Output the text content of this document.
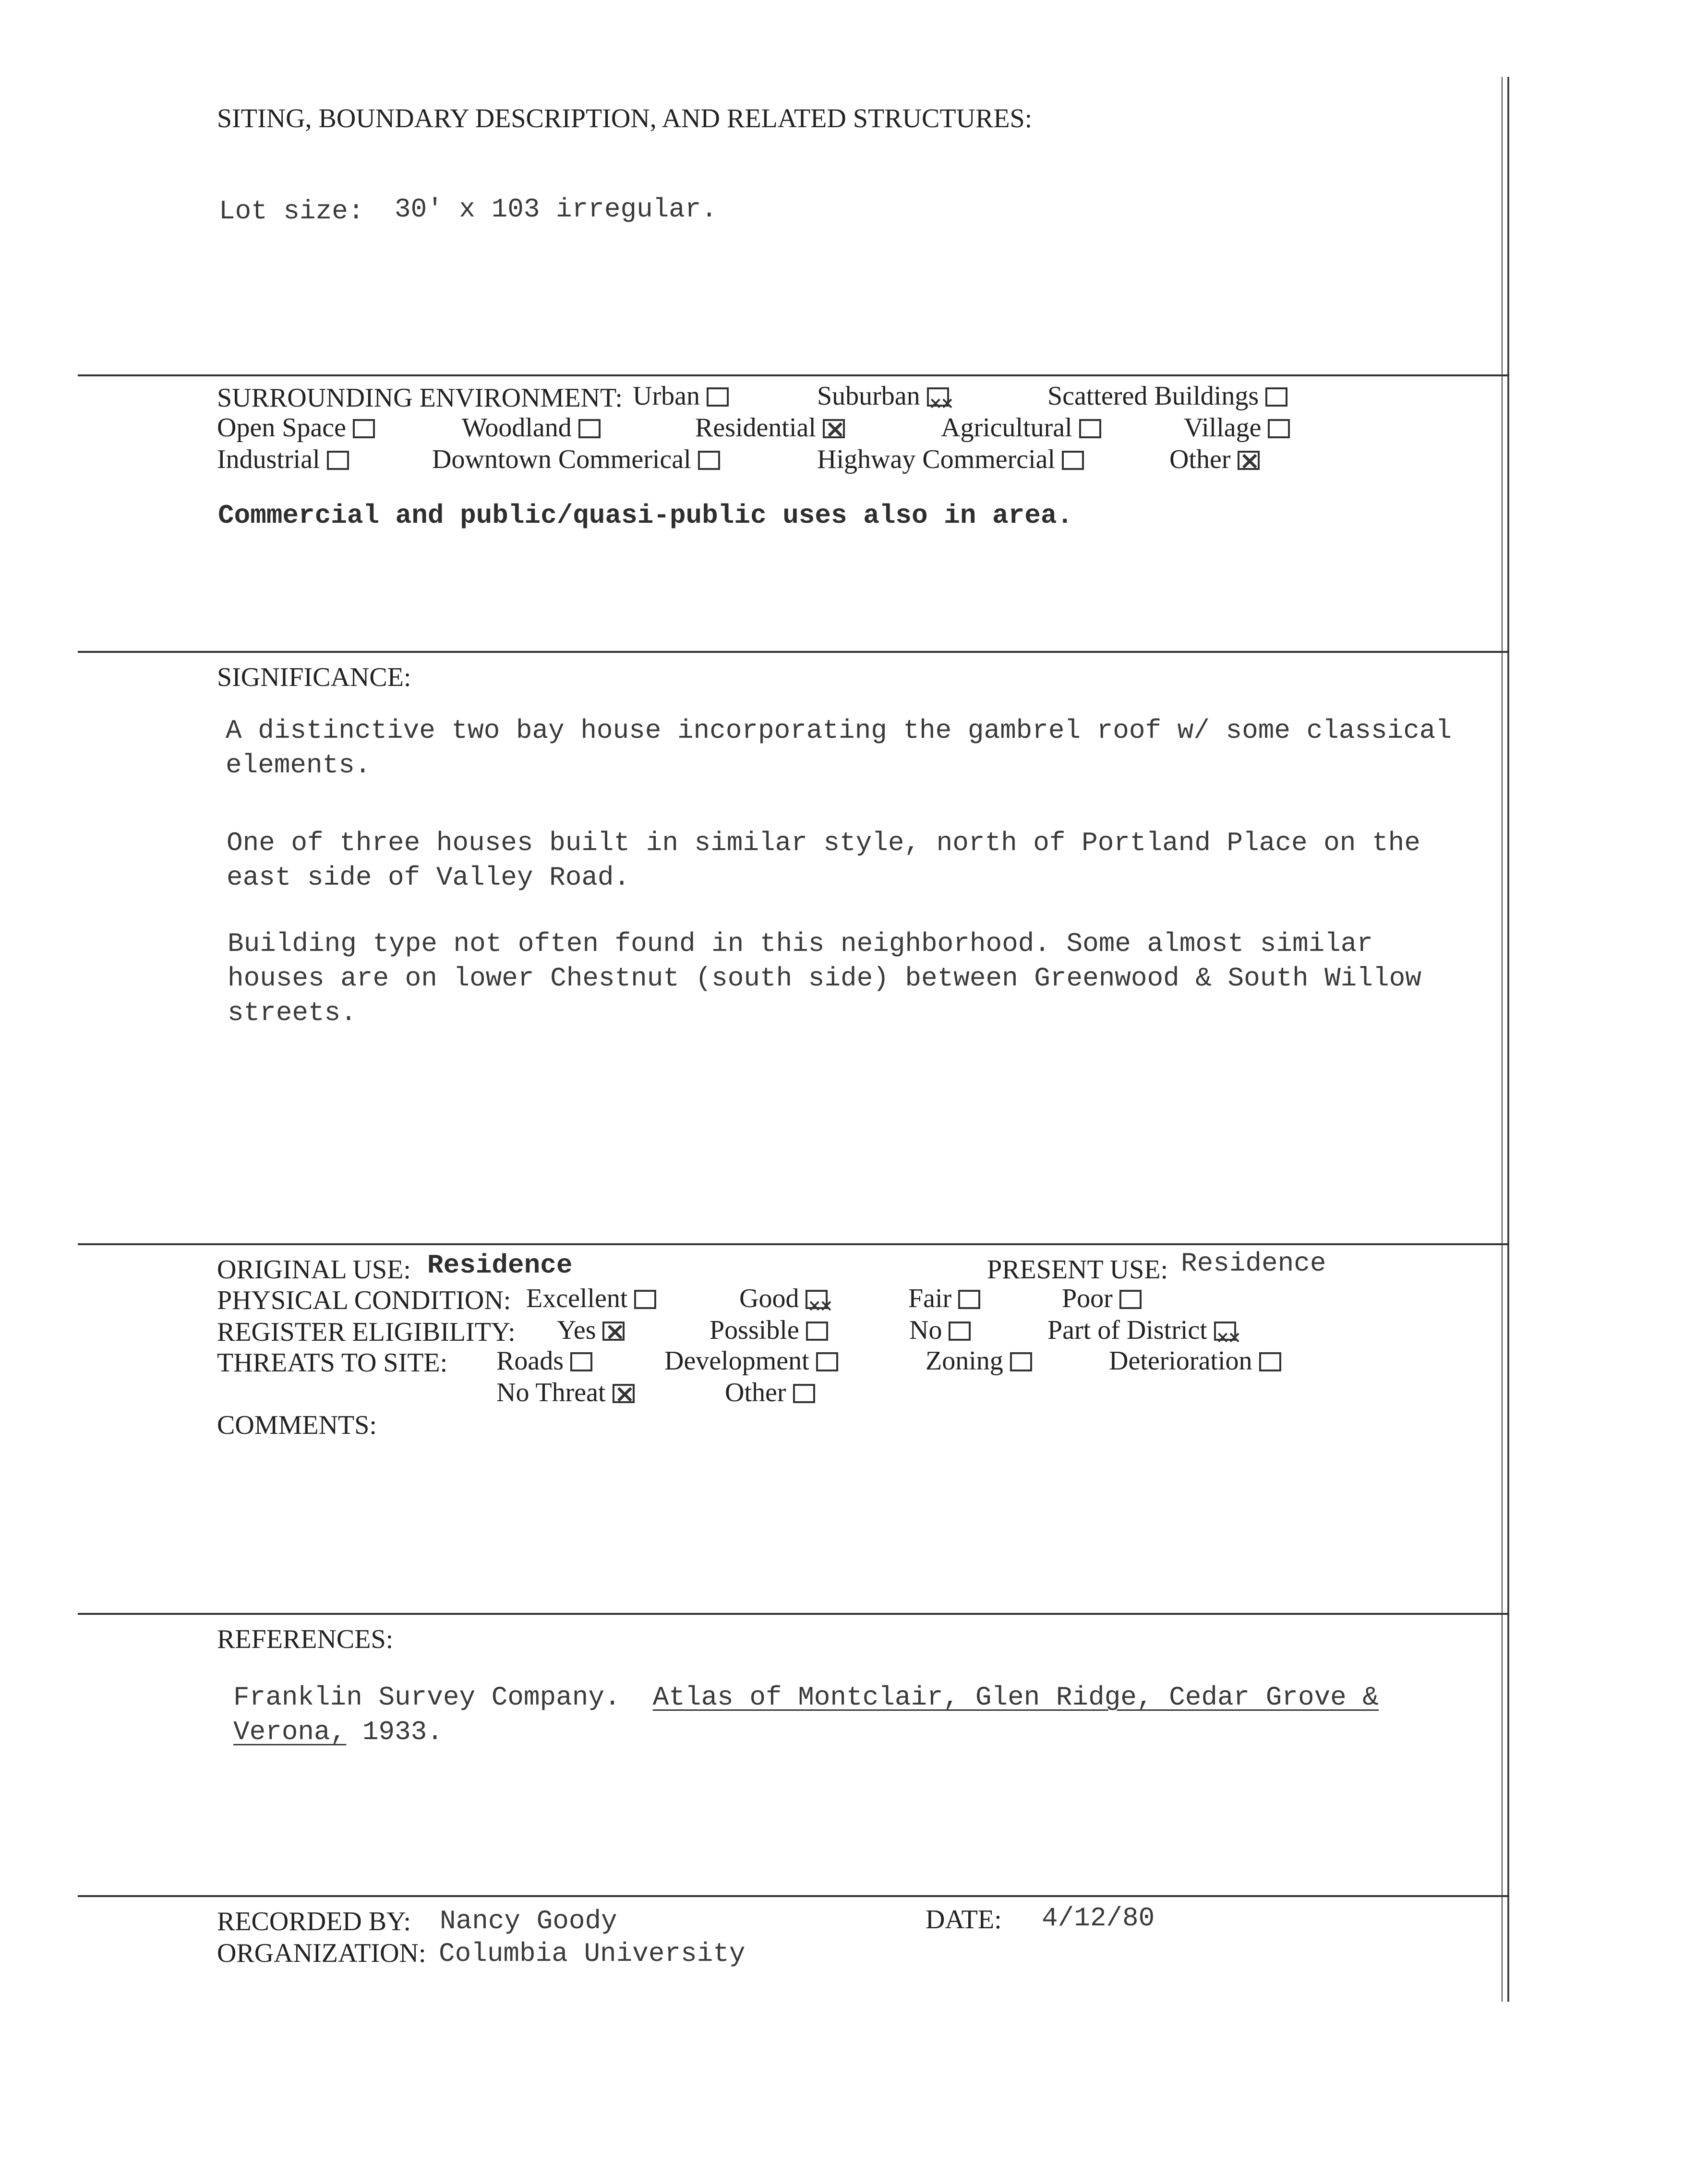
SITING, BOUNDARY DESCRIPTION, AND RELATED STRUCTURES:
Lot size: 30' x 103 irregular.
SURROUNDING ENVIRONMENT: Urban	Suburban ××	Scattered Buildings
Open Space	Woodland	Residential ×	Agricultural	Village
Industrial	Downtown Commerical	Highway Commercial	Other×
Commercial and public/quasi-public uses also in area.
SIGNIFICANCE:
A distinctive two bay house incorporating the gambrel roof w/ some classical
elements.
One of three houses built in similar style, north of Portland Place on the
east side of Valley Road.
Building type not often found in this neighborhood. Some almost similar
houses are on lower Chestnut (south side) between Greenwood & South Willow
streets.
ORIGINAL USE: Residence	PRESENT USE: Residence
PHYSICAL CONDITION: Excellent	Good ××	Fair	Poor
REGISTER ELIGIBILITY: Yes ×	Possible	No	Part of District××
THREATS TO SITE: Roads	Development	Zoning	Deterioration
No Threat ×	Other
COMMENTS:
REFERENCES:
Franklin Survey Company. Atlas of Montclair, Glen Ridge, Cedar Grove &
Verona, 1933.
RECORDED BY: Nancy Goody
ORGANIZATION: Columbia University
DATE: 4/12/80
